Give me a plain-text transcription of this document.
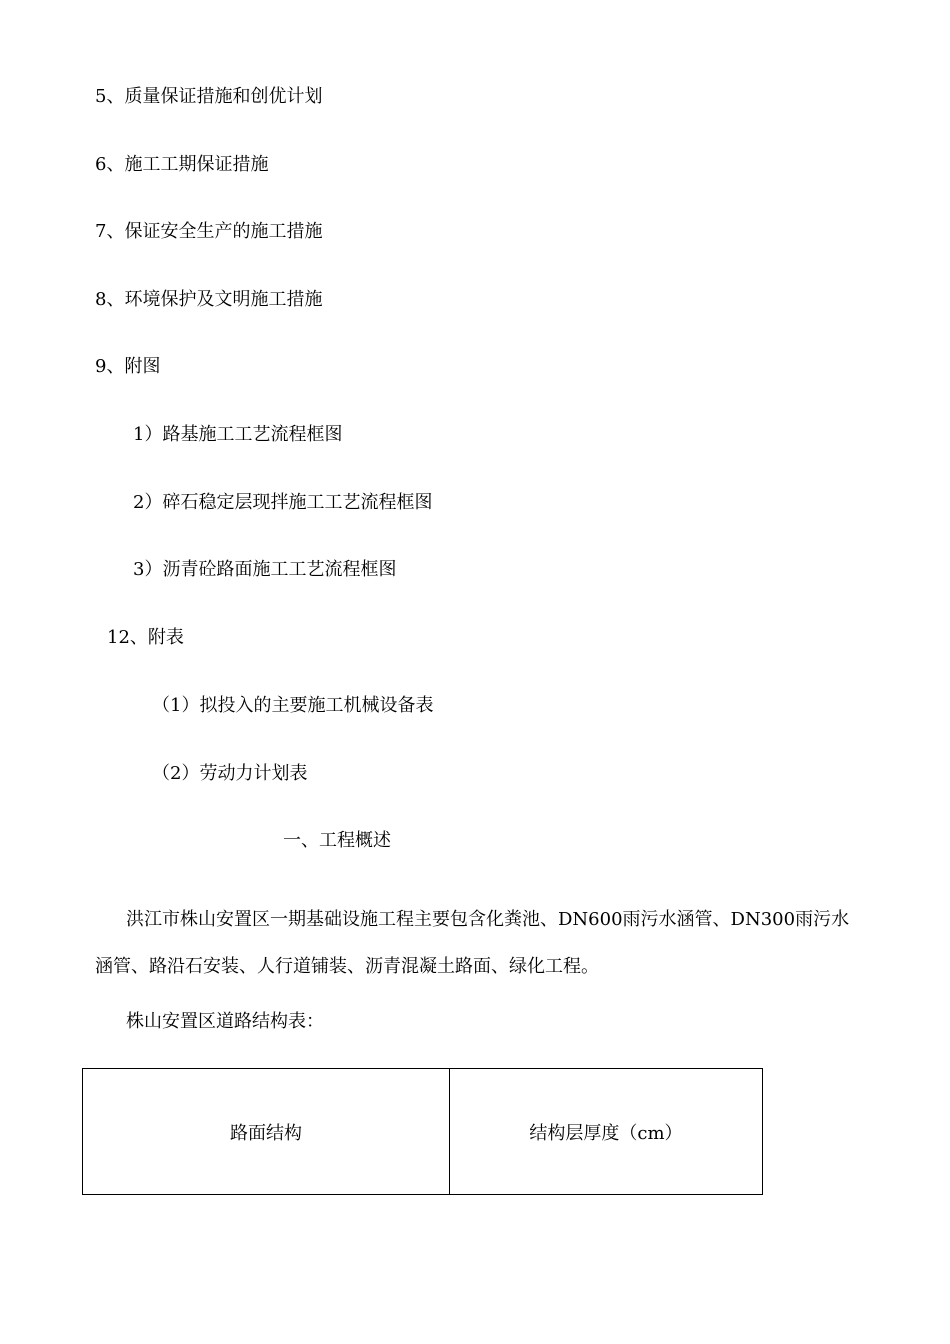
5、质量保证措施和创优计划
6、施工工期保证措施
7、保证安全生产的施工措施
8、环境保护及文明施工措施
9、附图
1）路基施工工艺流程框图
2）碎石稳定层现拌施工工艺流程框图
3）沥青砼路面施工工艺流程框图
12、附表
（1）拟投入的主要施工机械设备表
（2）劳动力计划表
一、工程概述

洪江市株山安置区一期基础设施工程主要包含化粪池、DN600雨污水涵管、DN300雨污水涵管、路沿石安装、人行道铺装、沥青混凝土路面、绿化工程。

株山安置区道路结构表：
路面结构	结构层厚度（cm）
